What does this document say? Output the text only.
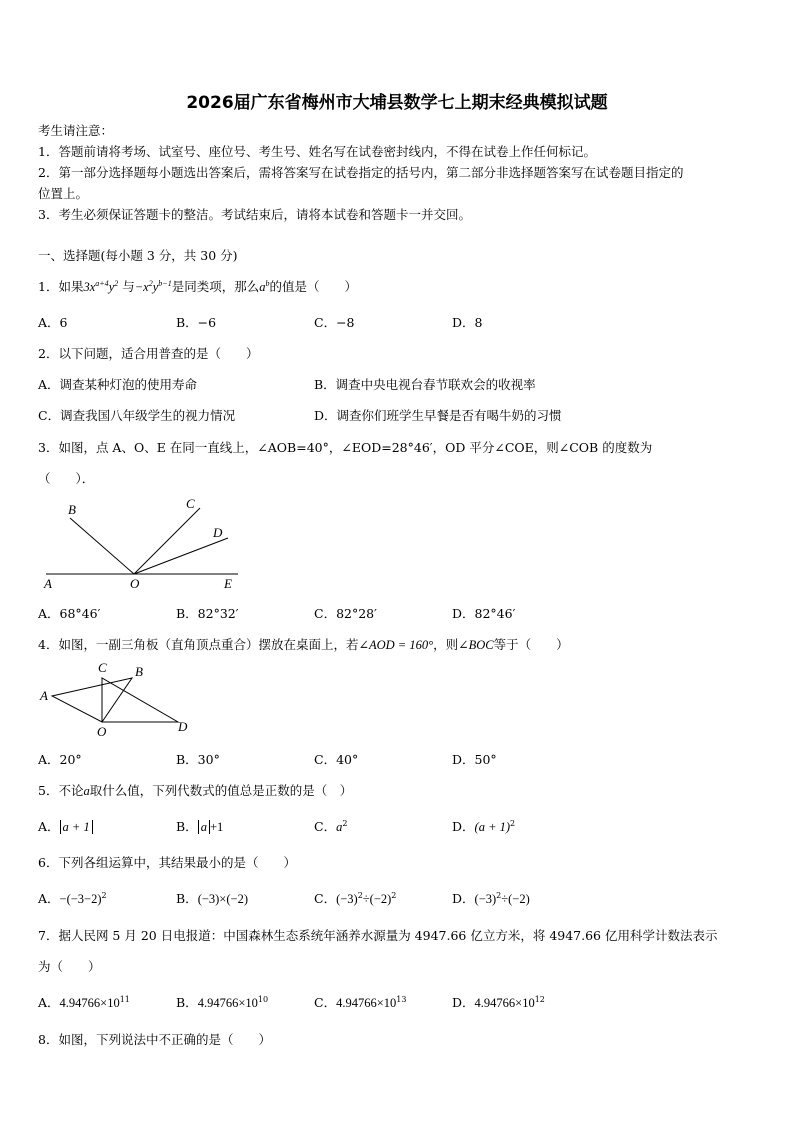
2026届广东省梅州市大埔县数学七上期末经典模拟试题
考生请注意：
1．答题前请将考场、试室号、座位号、考生号、姓名写在试卷密封线内，不得在试卷上作任何标记。
2．第一部分选择题每小题选出答案后，需将答案写在试卷指定的括号内，第二部分非选择题答案写在试卷题目指定的
位置上。
3．考生必须保证答题卡的整洁。考试结束后，请将本试卷和答题卡一并交回。
一、选择题(每小题 3 分，共 30 分)
1．如果$3x^{a+4}y^2$ 与$-x^2y^{b-1}$是同类项，那么$a^b$的值是（　　）
A．6	B．−6	C．−8	D．8
2．以下问题，适合用普查的是（　　）
A．调查某种灯泡的使用寿命	B．调查中央电视台春节联欢会的收视率
C．调查我国八年级学生的视力情况	D．调查你们班学生早餐是否有喝牛奶的习惯
3．如图，点 A、O、E 在同一直线上，∠AOB=40°，∠EOD=28°46′，OD 平分∠COE，则∠COB 的度数为
（　　）．
A	O	E
B	C
D
A．68°46′	B．82°32′	C．82°28′	D．82°46′
4．如图，一副三角板（直角顶点重合）摆放在桌面上，若∠AOD = 160°，则∠BOC等于（　　）
A
C B
D
O
A．20°	B．30°	C．40°	D．50°
5．不论a取什么值，下列代数式的值总是正数的是（　）
A． a + 1	B． a +1	C．$a^2$	D．$(a + 1)^2$
6．下列各组运算中，其结果最小的是（　　）
A．$-(-3-2)^2$	B．(−3)×(−2)	C．$(-3)^2\div(-2)^2$	D．$(-3)^2\div(-2)$
7．据人民网 5 月 20 日电报道：中国森林生态系统年涵养水源量为 4947.66 亿立方米，将 4947.66 亿用科学计数法表示
为（　　）
A．$4.94766\times 10^{11}$	B．$4.94766\times 10^{10}$	C．$4.94766\times 10^{13}$	D．$4.94766\times 10^{12}$
8．如图，下列说法中不正确的是（　　）
